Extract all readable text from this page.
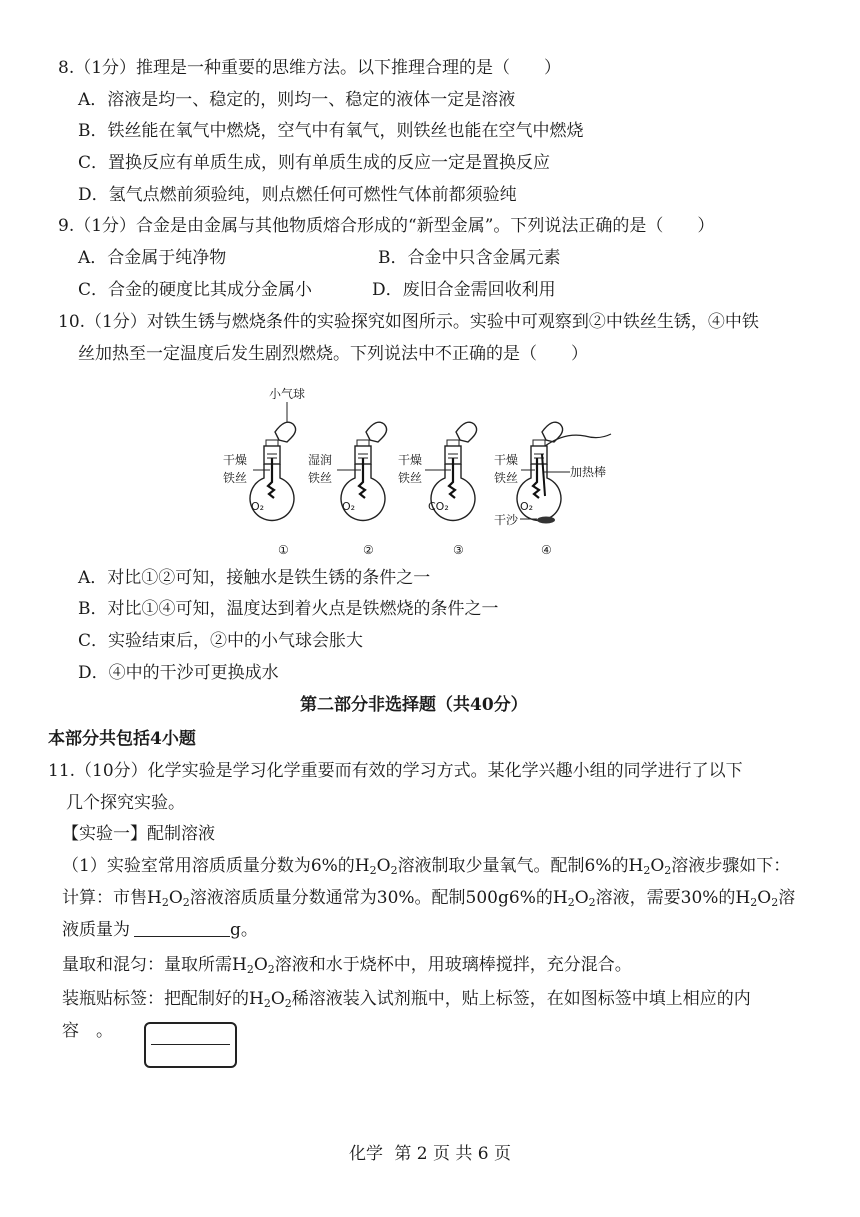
8.（1分）推理是一种重要的思维方法。以下推理合理的是（　　）
A．溶液是均一、稳定的，则均一、稳定的液体一定是溶液
B．铁丝能在氧气中燃烧，空气中有氧气，则铁丝也能在空气中燃烧
C．置换反应有单质生成，则有单质生成的反应一定是置换反应
D．氢气点燃前须验纯，则点燃任何可燃性气体前都须验纯
9.（1分）合金是由金属与其他物质熔合形成的“新型金属”。下列说法正确的是（　　）
A．合金属于纯净物	B．合金中只含金属元素
C．合金的硬度比其成分金属小	D．废旧合金需回收利用
10.（1分）对铁生锈与燃烧条件的实验探究如图所示。实验中可观察到②中铁丝生锈，④中铁
丝加热至一定温度后发生剧烈燃烧。下列说法中不正确的是（　　）
小气球
O₂
干燥
铁丝
①
O₂
湿润
铁丝
②
CO₂
干燥
铁丝
③
O₂
干燥
铁丝	加热棒
干沙
④
A．对比①②可知，接触水是铁生锈的条件之一
B．对比①④可知，温度达到着火点是铁燃烧的条件之一
C．实验结束后，②中的小气球会胀大
D．④中的干沙可更换成水
第二部分非选择题（共40分）
本部分共包括4小题
11.（10分）化学实验是学习化学重要而有效的学习方式。某化学兴趣小组的同学进行了以下
几个探究实验。
【实验一】配制溶液
（1）实验室常用溶质质量分数为6%的$H_2O_2$溶液制取少量氧气。配制6%的$H_2O_2$溶液步骤如下：
计算：市售$H_2O_2$溶液溶质质量分数通常为30%。配制500g6%的$H_2O_2$溶液，需要30%的$H_2O_2$溶
液质量为	g。
量取和混匀：量取所需$H_2O_2$溶液和水于烧杯中，用玻璃棒搅拌，充分混合。
装瓶贴标签：把配制好的$H_2O_2$稀溶液装入试剂瓶中，贴上标签，在如图标签中填上相应的内
容　。
化学 第 2 页 共 6 页
